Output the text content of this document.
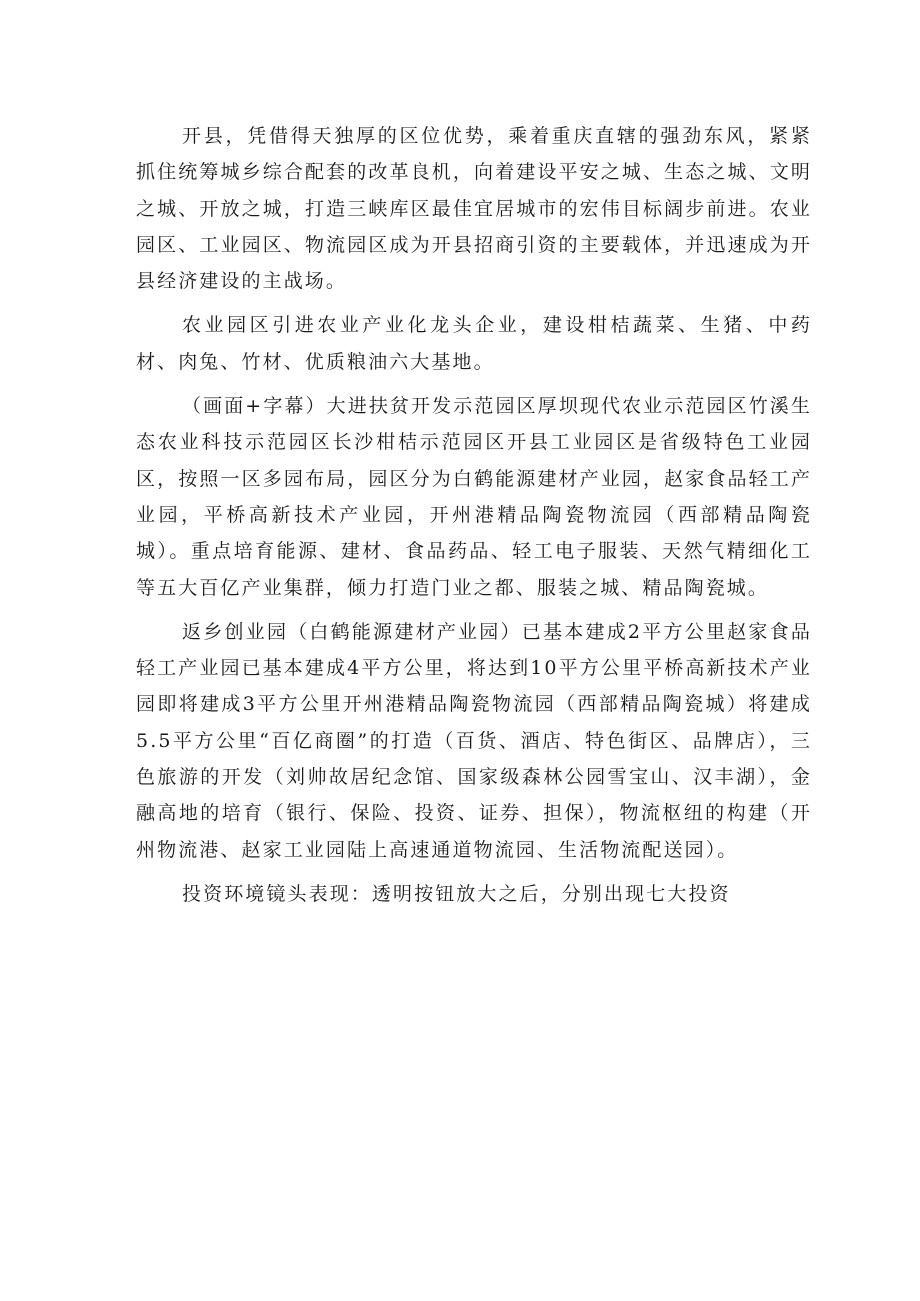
开县，凭借得天独厚的区位优势，乘着重庆直辖的强劲东风，紧紧抓住统筹城乡综合配套的改革良机，向着建设平安之城、生态之城、文明之城、开放之城，打造三峡库区最佳宜居城市的宏伟目标阔步前进。农业园区、工业园区、物流园区成为开县招商引资的主要载体，并迅速成为开县经济建设的主战场。

农业园区引进农业产业化龙头企业，建设柑桔蔬菜、生猪、中药材、肉兔、竹材、优质粮油六大基地。

（画面+字幕）大进扶贫开发示范园区厚坝现代农业示范园区竹溪生态农业科技示范园区长沙柑桔示范园区开县工业园区是省级特色工业园区，按照一区多园布局，园区分为白鹤能源建材产业园，赵家食品轻工产业园，平桥高新技术产业园，开州港精品陶瓷物流园（西部精品陶瓷城）。重点培育能源、建材、食品药品、轻工电子服装、天然气精细化工等五大百亿产业集群，倾力打造门业之都、服装之城、精品陶瓷城。

返乡创业园（白鹤能源建材产业园）已基本建成2平方公里赵家食品轻工产业园已基本建成4平方公里，将达到10平方公里平桥高新技术产业园即将建成3平方公里开州港精品陶瓷物流园（西部精品陶瓷城）将建成5.5平方公里“百亿商圈”的打造（百货、酒店、特色街区、品牌店），三色旅游的开发（刘帅故居纪念馆、国家级森林公园雪宝山、汉丰湖），金融高地的培育（银行、保险、投资、证券、担保），物流枢纽的构建（开州物流港、赵家工业园陆上高速通道物流园、生活物流配送园）。

投资环境镜头表现：透明按钮放大之后，分别出现七大投资
